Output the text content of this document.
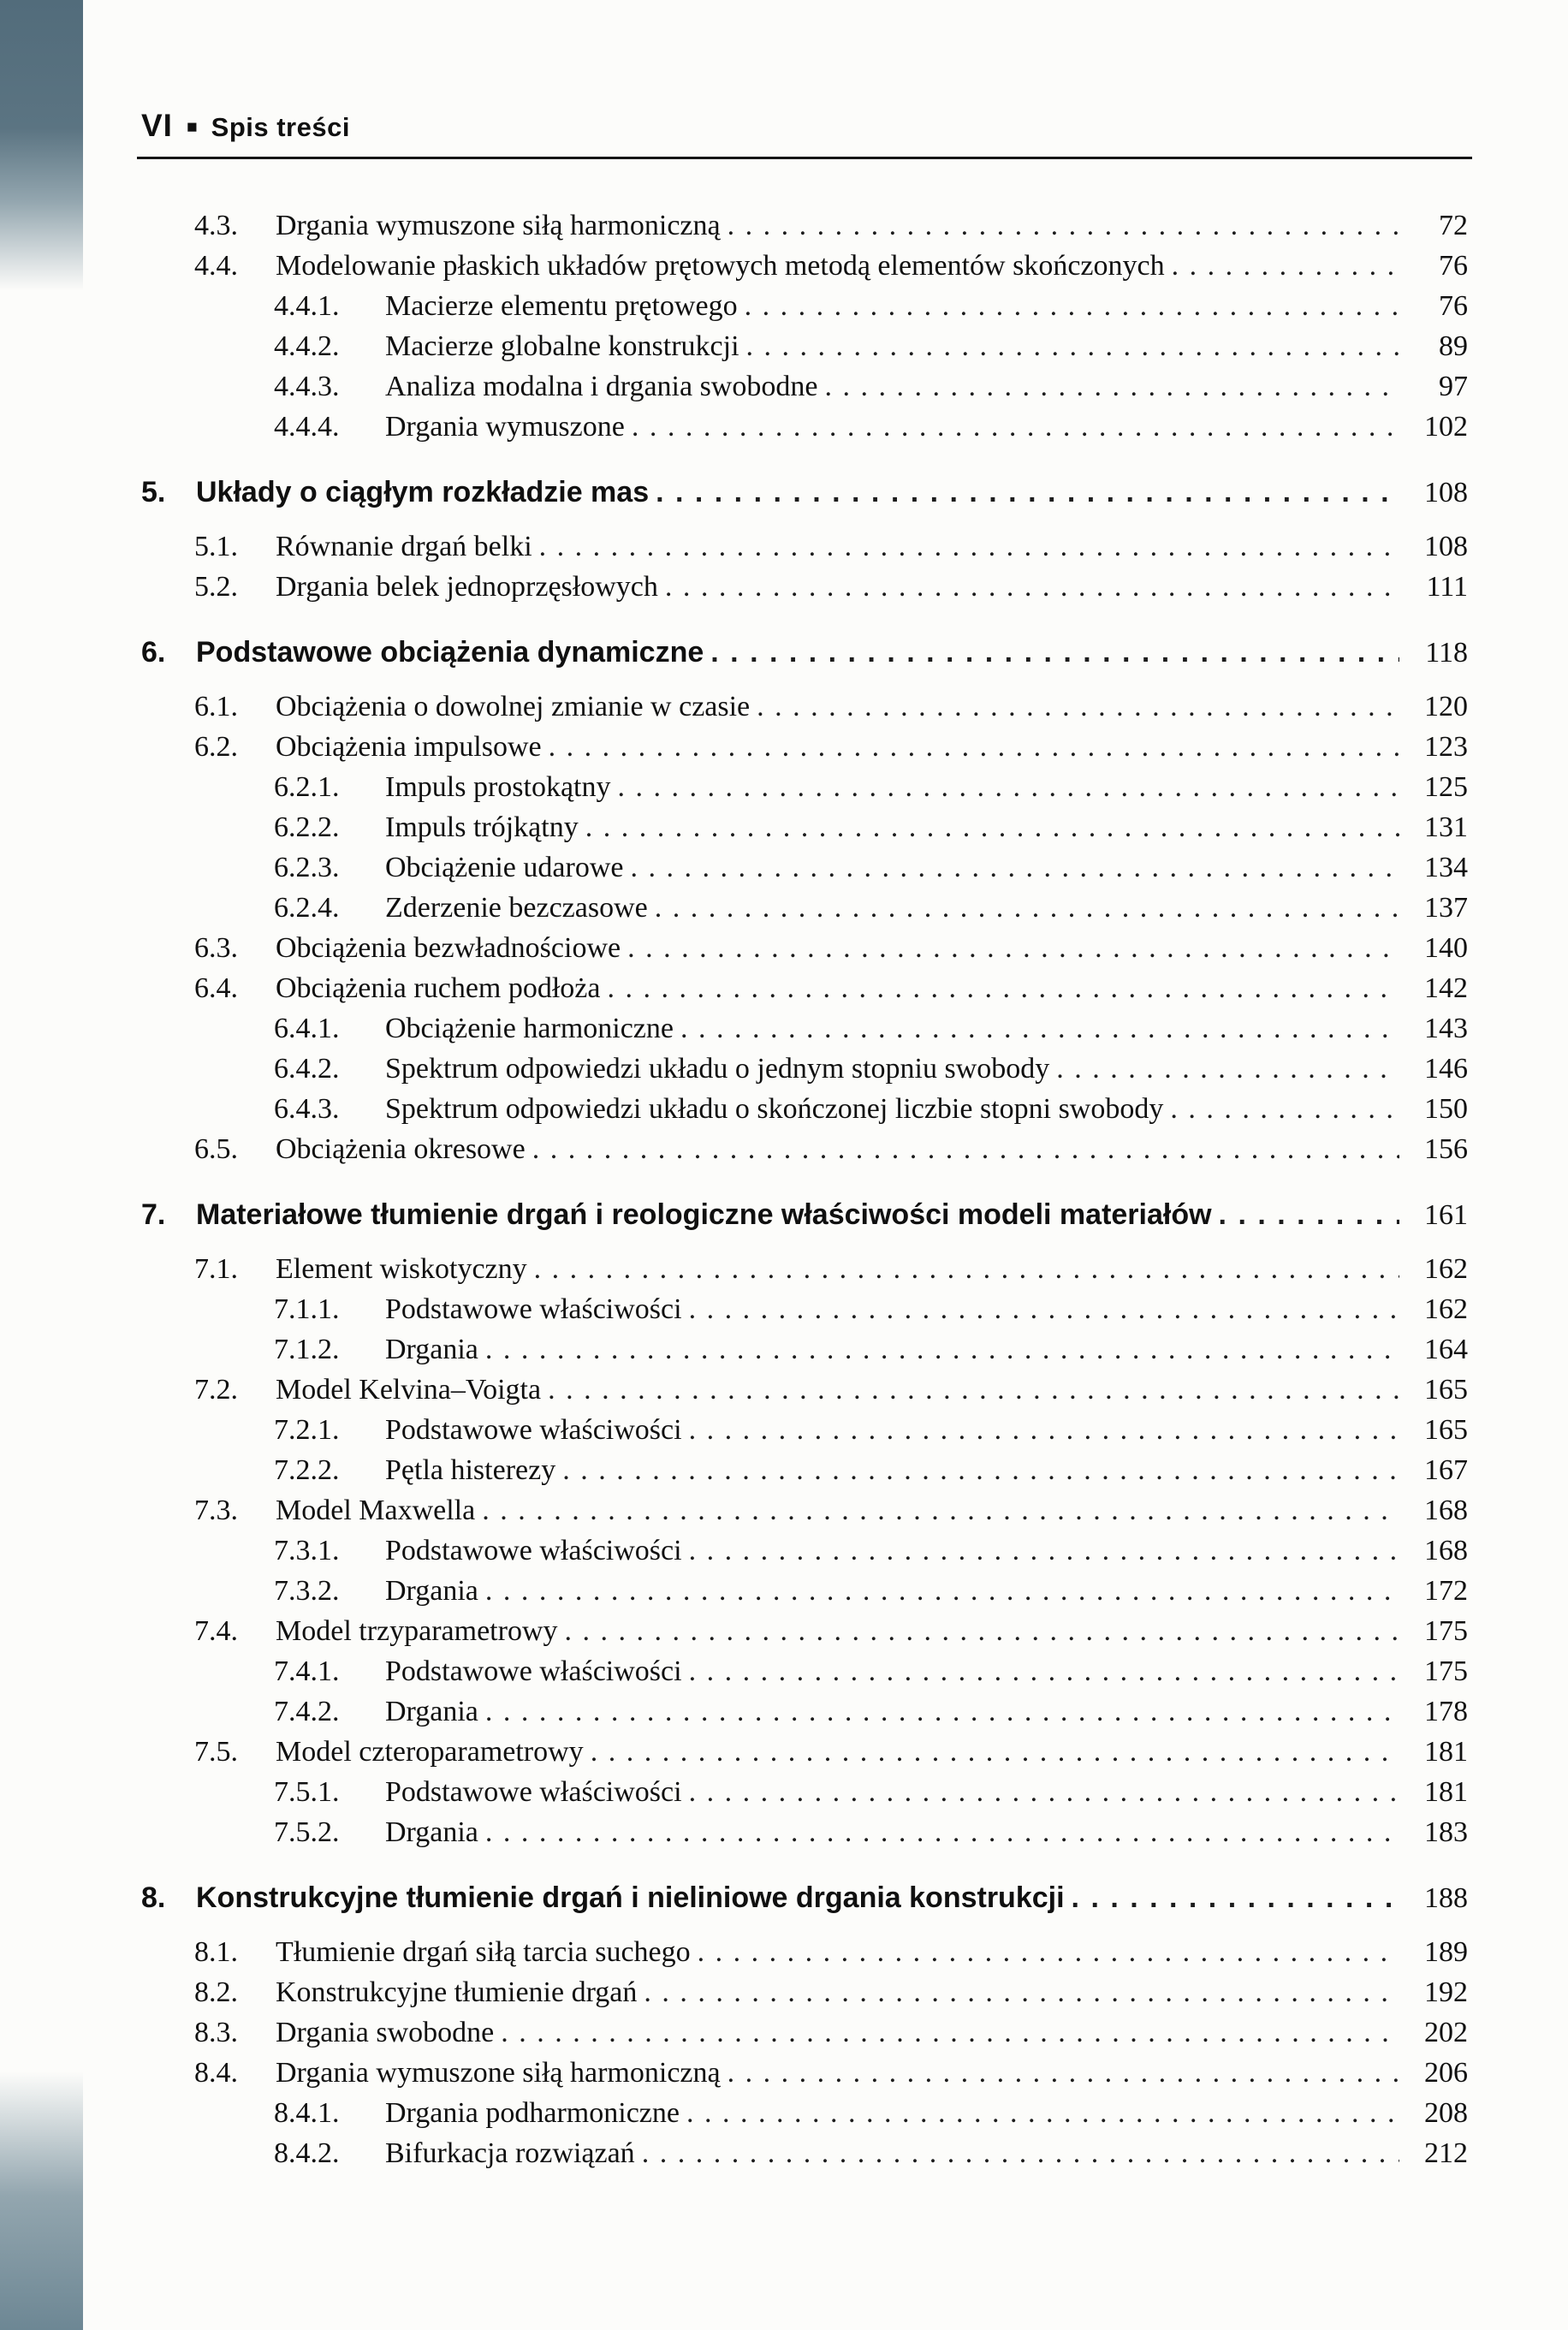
VI ■ Spis treści
4.3.	Drgania wymuszone siłą harmoniczną . . .	72
4.4.	Modelowanie płaskich układów prętowych metodą elementów skończonych . . .	76
4.4.1.	Macierze elementu prętowego . . .	76
4.4.2.	Macierze globalne konstrukcji . . .	89
4.4.3.	Analiza modalna i drgania swobodne . . .	97
4.4.4.	Drgania wymuszone . . .	102
5.	Układy o ciągłym rozkładzie mas . . .	108
5.1.	Równanie drgań belki . . .	108
5.2.	Drgania belek jednoprzęsłowych . . .	111
6.	Podstawowe obciążenia dynamiczne . . .	118
6.1.	Obciążenia o dowolnej zmianie w czasie . . .	120
6.2.	Obciążenia impulsowe . . .	123
6.2.1.	Impuls prostokątny . . .	125
6.2.2.	Impuls trójkątny . . .	131
6.2.3.	Obciążenie udarowe . . .	134
6.2.4.	Zderzenie bezczasowe . . .	137
6.3.	Obciążenia bezwładnościowe . . .	140
6.4.	Obciążenia ruchem podłoża . . .	142
6.4.1.	Obciążenie harmoniczne . . .	143
6.4.2.	Spektrum odpowiedzi układu o jednym stopniu swobody . . .	146
6.4.3.	Spektrum odpowiedzi układu o skończonej liczbie stopni swobody . . .	150
6.5.	Obciążenia okresowe . . .	156
7.	Materiałowe tłumienie drgań i reologiczne właściwości modeli materiałów . . .	161
7.1.	Element wiskotyczny . . .	162
7.1.1.	Podstawowe właściwości . . .	162
7.1.2.	Drgania . . .	164
7.2.	Model Kelvina–Voigta . . .	165
7.2.1.	Podstawowe właściwości . . .	165
7.2.2.	Pętla histerezy . . .	167
7.3.	Model Maxwella . . .	168
7.3.1.	Podstawowe właściwości . . .	168
7.3.2.	Drgania . . .	172
7.4.	Model trzyparametrowy . . .	175
7.4.1.	Podstawowe właściwości . . .	175
7.4.2.	Drgania . . .	178
7.5.	Model czteroparametrowy . . .	181
7.5.1.	Podstawowe właściwości . . .	181
7.5.2.	Drgania . . .	183
8.	Konstrukcyjne tłumienie drgań i nieliniowe drgania konstrukcji . . .	188
8.1.	Tłumienie drgań siłą tarcia suchego . . .	189
8.2.	Konstrukcyjne tłumienie drgań . . .	192
8.3.	Drgania swobodne . . .	202
8.4.	Drgania wymuszone siłą harmoniczną . . .	206
8.4.1.	Drgania podharmoniczne . . .	208
8.4.2.	Bifurkacja rozwiązań . . .	212
